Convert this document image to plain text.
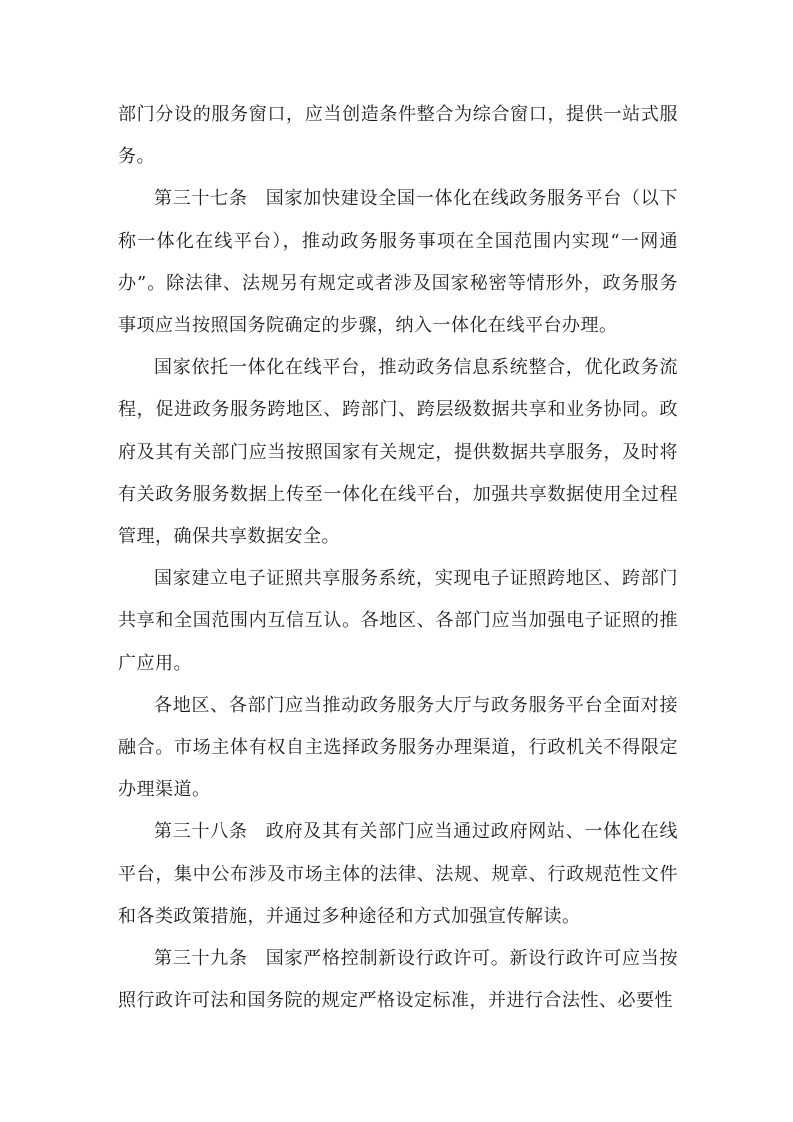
部门分设的服务窗口，应当创造条件整合为综合窗口，提供一站式服务。

第三十七条 国家加快建设全国一体化在线政务服务平台（以下称一体化在线平台），推动政务服务事项在全国范围内实现“一网通办”。除法律、法规另有规定或者涉及国家秘密等情形外，政务服务事项应当按照国务院确定的步骤，纳入一体化在线平台办理。

国家依托一体化在线平台，推动政务信息系统整合，优化政务流程，促进政务服务跨地区、跨部门、跨层级数据共享和业务协同。政府及其有关部门应当按照国家有关规定，提供数据共享服务，及时将有关政务服务数据上传至一体化在线平台，加强共享数据使用全过程管理，确保共享数据安全。

国家建立电子证照共享服务系统，实现电子证照跨地区、跨部门共享和全国范围内互信互认。各地区、各部门应当加强电子证照的推广应用。

各地区、各部门应当推动政务服务大厅与政务服务平台全面对接融合。市场主体有权自主选择政务服务办理渠道，行政机关不得限定办理渠道。

第三十八条 政府及其有关部门应当通过政府网站、一体化在线平台，集中公布涉及市场主体的法律、法规、规章、行政规范性文件和各类政策措施，并通过多种途径和方式加强宣传解读。

第三十九条 国家严格控制新设行政许可。新设行政许可应当按照行政许可法和国务院的规定严格设定标准，并进行合法性、必要性
